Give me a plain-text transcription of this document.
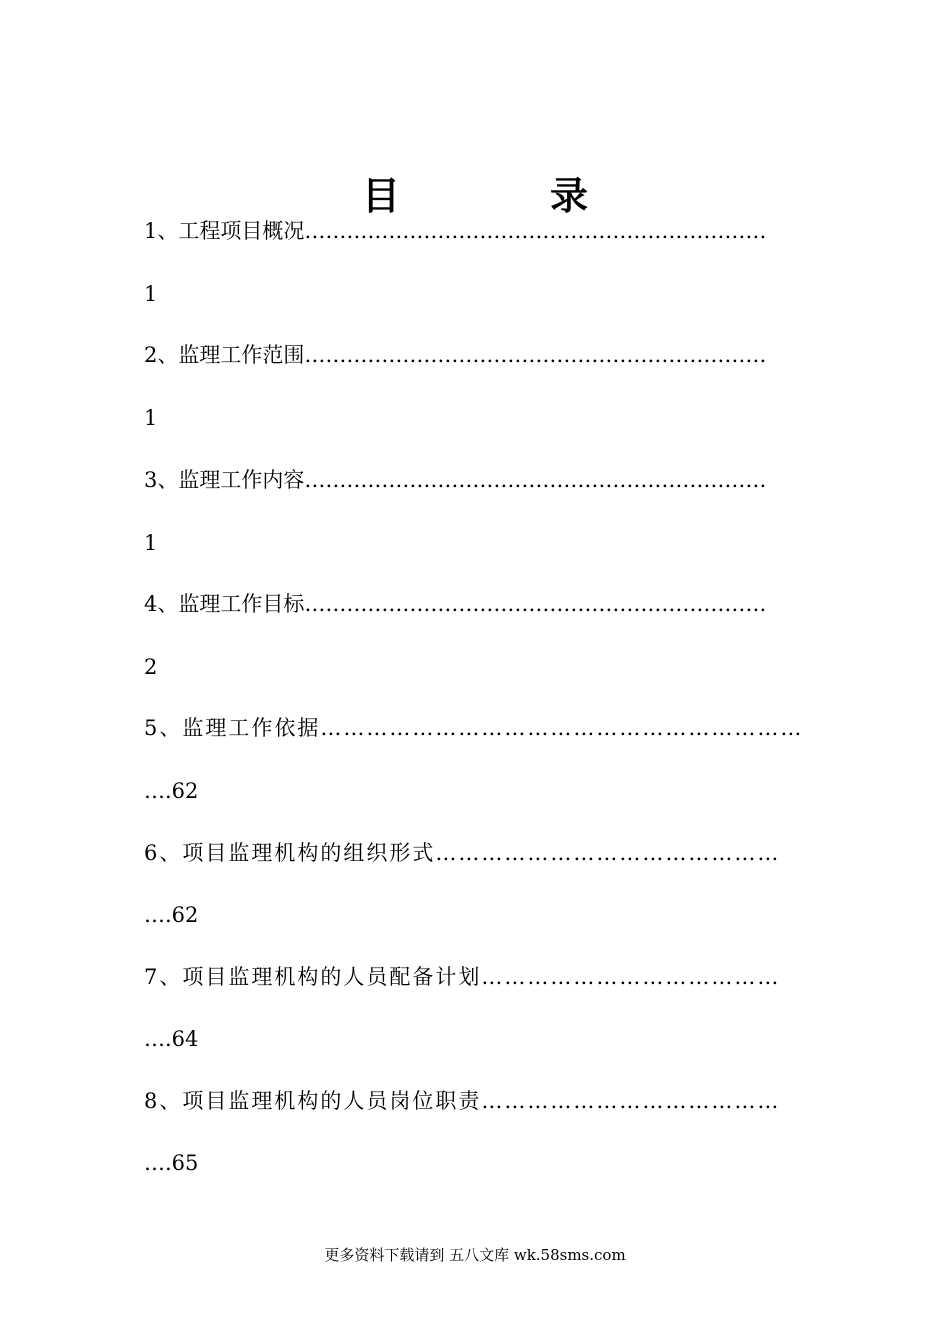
目　录
1、工程项目概况…………………………………………………………
1
2、监理工作范围…………………………………………………………
1
3、监理工作内容…………………………………………………………
1
4、监理工作目标…………………………………………………………
2
5、监理工作依据………………………………………………………
….62
6、项目监理机构的组织形式………………………………………
….62
7、项目监理机构的人员配备计划…………………………………
….64
8、项目监理机构的人员岗位职责…………………………………
….65
更多资料下载请到 五八文库 wk.58sms.com
